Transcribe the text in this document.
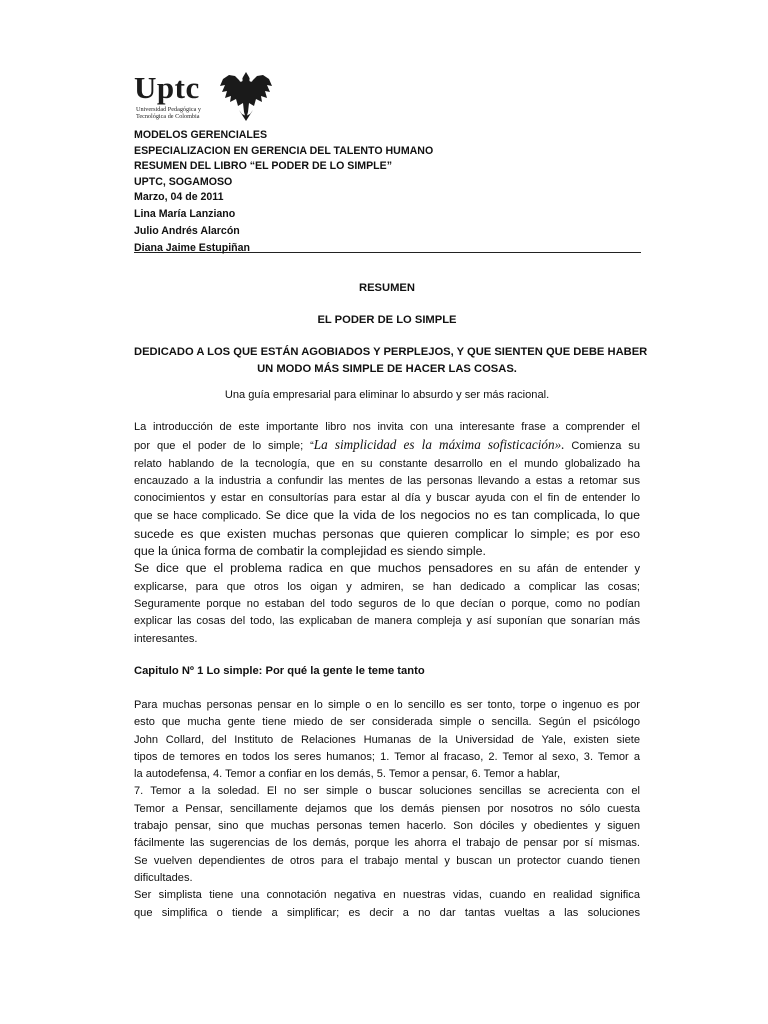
Uptc
Universidad Pedagógica y
Tecnológica de Colombia
MODELOS GERENCIALES
ESPECIALIZACION EN GERENCIA DEL TALENTO HUMANO
RESUMEN DEL LIBRO “EL PODER DE LO SIMPLE”
UPTC, SOGAMOSO
Marzo, 04 de 2011
Lina María Lanziano
Julio Andrés Alarcón
Diana Jaime Estupiñan
RESUMEN
EL PODER DE LO SIMPLE
DEDICADO A LOS QUE ESTÁN AGOBIADOS Y PERPLEJOS, Y QUE SIENTEN QUE DEBE HABER
UN MODO MÁS SIMPLE DE HACER LAS COSAS.
Una guía empresarial para eliminar lo absurdo y ser más racional.
La introducción de este importante libro nos invita con una interesante frase a comprender el
por que el poder de lo simple; “La simplicidad es la máxima sofisticación». Comienza su
relato hablando de la tecnología, que en su constante desarrollo en el mundo globalizado ha
encauzado a la industria a confundir las mentes de las personas llevando a estas a retomar sus
conocimientos y estar en consultorías para estar al día y buscar ayuda con el fin de entender lo
que se hace complicado. Se dice que la vida de los negocios no es tan complicada, lo que
sucede es que existen muchas personas que quieren complicar lo simple; es por eso
que la única forma de combatir la complejidad es siendo simple.
Se dice que el problema radica en que muchos pensadores en su afán de entender y
explicarse, para que otros los oigan y admiren, se han dedicado a complicar las cosas;
Seguramente porque no estaban del todo seguros de lo que decían o porque, como no podían
explicar las cosas del todo, las explicaban de manera compleja y así suponían que sonarían más
interesantes.
Capitulo Nº 1 Lo simple: Por qué la gente le teme tanto
Para muchas personas pensar en lo simple o en lo sencillo es ser tonto, torpe o ingenuo es por
esto que mucha gente tiene miedo de ser considerada simple o sencilla. Según el psicólogo
John Collard, del Instituto de Relaciones Humanas de la Universidad de Yale, existen siete
tipos de temores en todos los seres humanos; 1. Temor al fracaso, 2. Temor al sexo, 3. Temor a
la autodefensa, 4. Temor a confiar en los demás, 5. Temor a pensar, 6. Temor a hablar,
7. Temor a la soledad. El no ser simple o buscar soluciones sencillas se acrecienta con el
Temor a Pensar, sencillamente dejamos que los demás piensen por nosotros no sólo cuesta
trabajo pensar, sino que muchas personas temen hacerlo. Son dóciles y obedientes y siguen
fácilmente las sugerencias de los demás, porque les ahorra el trabajo de pensar por sí mismas.
Se vuelven dependientes de otros para el trabajo mental y buscan un protector cuando tienen
dificultades.
Ser simplista tiene una connotación negativa en nuestras vidas, cuando en realidad significa
que simplifica o tiende a simplificar; es decir a no dar tantas vueltas a las soluciones
